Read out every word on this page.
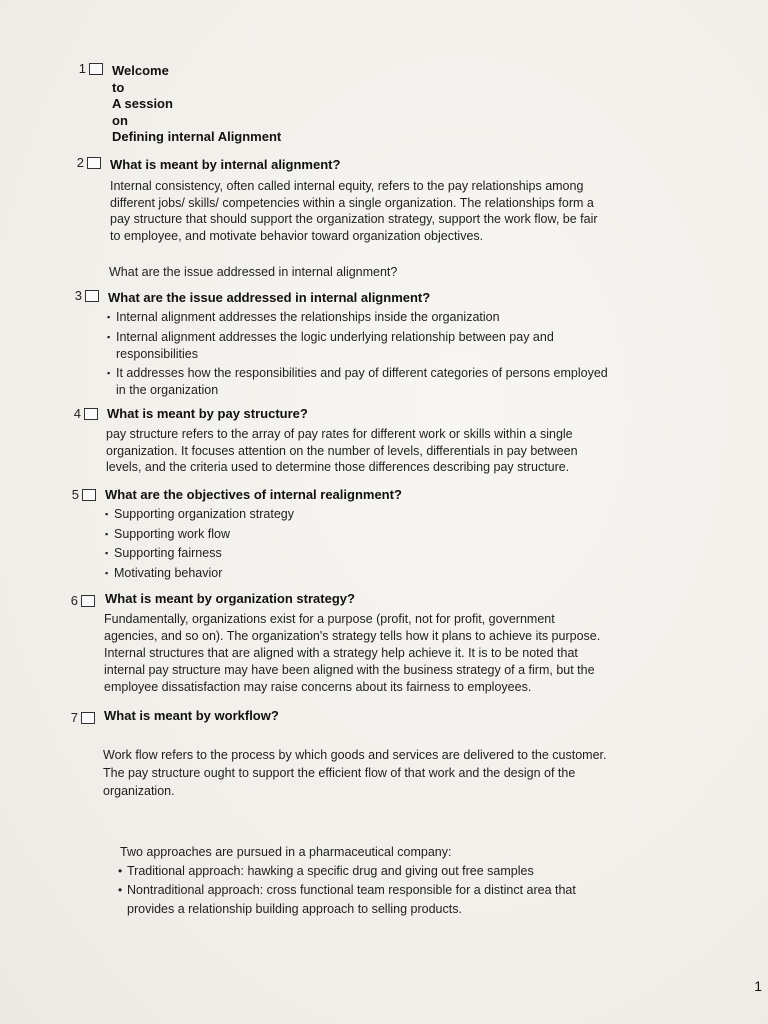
1 Welcome
to
A session
on
Defining internal Alignment
2 What is meant by internal alignment?

Internal consistency, often called internal equity, refers to the pay relationships among

different jobs/ skills/ competencies within a single organization. The relationships form a

pay structure that should support the organization strategy, support the work flow, be fair

to employee, and motivate behavior toward organization objectives.

What are the issue addressed in internal alignment?
3 What are the issue addressed in internal alignment?
▪ Internal alignment addresses the relationships inside the organization
▪ Internal alignment addresses the logic underlying relationship between pay and
responsibilities
▪ It addresses how the responsibilities and pay of different categories of persons employed
in the organization
4 What is meant by pay structure?

pay structure refers to the array of pay rates for different work or skills within a single

organization. It focuses attention on the number of levels, differentials in pay between

levels, and the criteria used to determine those differences describing pay structure.

5 What are the objectives of internal realignment?
▪ Supporting organization strategy
▪ Supporting work flow
▪ Supporting fairness
▪ Motivating behavior
6 What is meant by organization strategy?

Fundamentally, organizations exist for a purpose (profit, not for profit, government

agencies, and so on). The organization's strategy tells how it plans to achieve its purpose.

Internal structures that are aligned with a strategy help achieve it. It is to be noted that

internal pay structure may have been aligned with the business strategy of a firm, but the

employee dissatisfaction may raise concerns about its fairness to employees.

7 What is meant by workflow?

Work flow refers to the process by which goods and services are delivered to the customer.

The pay structure ought to support the efficient flow of that work and the design of the

organization.

Two approaches are pursued in a pharmaceutical company:
• Traditional approach: hawking a specific drug and giving out free samples
• Nontraditional approach: cross functional team responsible for a distinct area that
provides a relationship building approach to selling products.
1
